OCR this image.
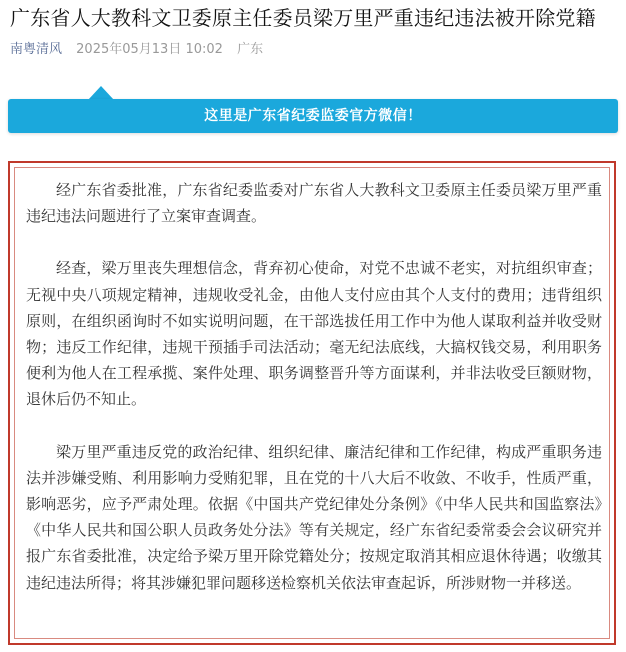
广东省人大教科文卫委原主任委员梁万里严重违纪违法被开除党籍
南粤清风 2025年05月13日 10:02 广东
这里是广东省纪委监委官方微信！

经广东省委批准，广东省纪委监委对广东省人大教科文卫委原主任委员梁万里严重违纪违法问题进行了立案审查调查。

经查，梁万里丧失理想信念，背弃初心使命，对党不忠诚不老实，对抗组织审查；无视中央八项规定精神，违规收受礼金，由他人支付应由其个人支付的费用；违背组织原则，在组织函询时不如实说明问题，在干部选拔任用工作中为他人谋取利益并收受财物；违反工作纪律，违规干预插手司法活动；毫无纪法底线，大搞权钱交易，利用职务便利为他人在工程承揽、案件处理、职务调整晋升等方面谋利，并非法收受巨额财物，退休后仍不知止。

梁万里严重违反党的政治纪律、组织纪律、廉洁纪律和工作纪律，构成严重职务违法并涉嫌受贿、利用影响力受贿犯罪，且在党的十八大后不收敛、不收手，性质严重，影响恶劣，应予严肃处理。依据《中国共产党纪律处分条例》《中华人民共和国监察法》《中华人民共和国公职人员政务处分法》等有关规定，经广东省纪委常委会会议研究并报广东省委批准，决定给予梁万里开除党籍处分；按规定取消其相应退休待遇；收缴其违纪违法所得；将其涉嫌犯罪问题移送检察机关依法审查起诉，所涉财物一并移送。
